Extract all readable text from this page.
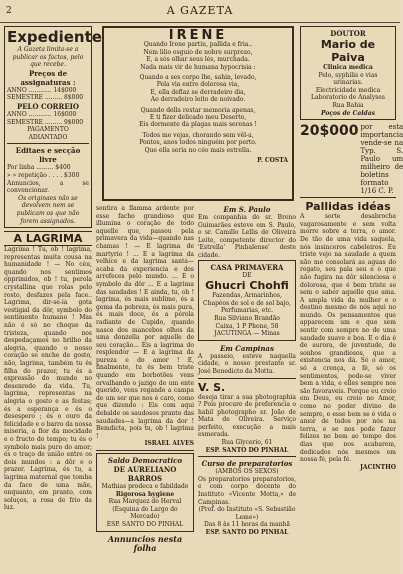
2	A GAZETA
Expediente
A Gazeta limita-se a publicar os factos, pelo que recebe.
Preços de assignaturas :
ANNO ............ 14$000
SEMESTRE ......... 8$000
PELO CORREIO
ANNO ............ 16$000
SEMESTRE ......... 9$000
PAGAMENTO ADIANTADO
Editaes e secção livre
Por linha ......... $400
» » repetição . . . . $300
Annuncios, a se convencionar.
Os originaes não se devolvem nem se publicam os que não forem assignados.
A LAGRIMA
Lagrima ! Tu, ob ! lagrima, representas muita cousa na humanidade ! — No céu, quando nos sentimos opprimidos, ob ! tu, perola crystallina que rolas pelo rosto, desfazes pela face.. Lagrima, dir-se-ia gota vestigial da dôr, symbolo do sentimento humano ! Mas não é só no choque da tristeza, quando nos despedaçamos no brilho da alegria, quando o nosso coração se enche de gosto, não, lagrima, também tu és filha do prazer, tu és a expressão do mundo no desenredo da vida. Tu, lagrima, representas na alegria o gosto e as festas; és a esperança e és o desespero ; és o ouro da felicidade e o barro da nossa miseria, a flor da mocidade e o fructo do tempo; tu és o symbolo mais puro do amor; és o traço de união entre os dois mundos : a dôr e o prazer. Lagrima, és tu, a lagrima maternal que tomba da face de uma mãe, enquanto, em pranto, com soluços, a rosa de frio da luz.
IRENE
Quando Irene partiu, pallida e fria..
Nem lilio esguio de nobre surprezo,
E, a sós olhar seus lés, murchada.
Nada mais vir de humana hypocrisia :
Quando a ses corpo lhe, sahin, levado,
Pela via entre dolorosa via,
E, ella deflaz se derradeiro dia,
Ao derradeiro leito de noivado.
Quando della restar memoria apenas,
E ti fizer delicado meu Deserto,
Eis dormente da plagas mais serenas !
Todos me vejas, chorando sem vêl-a,
Pontes, anos todos ninguém por perto.
Que ella seria no céo mais estrella.
P. COSTA
sentira a flamma ardente por esse facho grandioso que illumina o coração de todo aquelle que, passou pela primavera da vida—quando nas chamas ! — E lagrima de martyrio ! ... E a lagrima da velhice e da lagrima santa—acaba da experiencia e dos arrefeces pelo mundo. ... E o symbolo da dôr ... E a lagrima das saudades ! E ainda, tu, ob ! lagrima, és mais sublime, és a gema da pobreza, és mais pura, és mais doce, és a pérola radiante de Cupido, quando nasce dos mancebos olhos da uma donzella por aquelle de seu coração... Eis a lagrima do resplendor — E a lagrima da pureza e do amor ! E, finalmente, tu és bem triste quando em borbotões vens orvalhando o jazigo de um ente querido, vens regando a campa de um ser que nos é caro, como que dizendo : Eis com aqui debalde os saudosos pranto das saudades—a lagrima da dor ! Bemdicta, pois tu, ob ! lagrima !
ISRAEL ALVES
Saldo Democratico
DE AURELIANO BARROS
Mathias prodeca e fabildade
Rigorosa hygiene
Rua Marquez do Herval
(Esquina do Largo do Mercado)
ESP. SANTO DO PINHAL
Annuncios nesta folha
Em S. Paulo
Em companhia do sr. Breno Guimarães esteve em S. Paulo, o sr. Camillo Lellis de Oliveira Leite, competente director do 'Estrella' Pinhalense' deste cidade.
CASA PRIMAVERA
DE
Ghucri Chohfi
Fazendas, Armarinhos, Chapéos de sol e de sol bajo, Perfumarias, etc.
Rua Silviano Brandão
Caixa, 1 P Phone, 58
JACUTINGA — Minas
Em Campinas
A passeio, esteve naquella cidade, o nosso prestante sr. José Benedicto da Motta.
V. S.
deseja tirar a sua photographia ? Pois procure de preferencia o habil photographo sr. João de Mata de Oliveira. Serviço perfeito, execução a mais esmerada.
Rua Glycerio, 61
ESP. SANTO DO PINHAL
Curso de preparatorios
(AMBOS OS SEXOS)
Os preparatorios preparatorios, e com corpo docente do Instituto «Vicente Motta,» de Campinas.
(Prof. do Instituto «S. Sebastião Leme»)
Das 8 às 11 horas da manhã
ESP. SANTO DO PINHAL
DOUTOR
Mario de Paiva
Clinica medica
Pelo, syphilis e vias urinarias.
Electricidade medica
Laboratorio de Analyses
Rua Bahia
Poços de Caldas
20$000 por esta importancia vende-se na Typ. S. Paulo um milheiro de boletins formato 1/16 C. P.
Pallidas idéas
A sorte desabrocha vagarosamente e sem volta morre sobre a terra, o amor. De tão de uma vida saquela, nós insinceros cabeleiros. Eu triste vejo na saudade a quem não me consolará as aguas do regato, seu pala seu e o que não fugira na dôr silenciosa e dolorosa, que é bem triste se sem o saber aquelle que ama. A ampla vida da mulher e o destino mesmo de nós aqui no mundo. Os pensamentos que apparecem um e que sem sentir com sempre no de uma saudade suave e boa. E o dia é de aurora, de juventude, de sonhos grandiosos, que a existencia nos dá. Só o amor, só a crença, a fé, só os sentimentos, pode-se viver bem a vida, e elles sempre nos são favoraveis. Porque eu creio em Deus, eu creio no Amor, como no poder divino de sempre, e esse bem se é vida o amor de todos por nós na terra, e se nos pode fazer felizes no bem ao tempo dos dias que nos acabarem, dedicados nós mesmos em nossa fé, pela fé.
JACINTHO
